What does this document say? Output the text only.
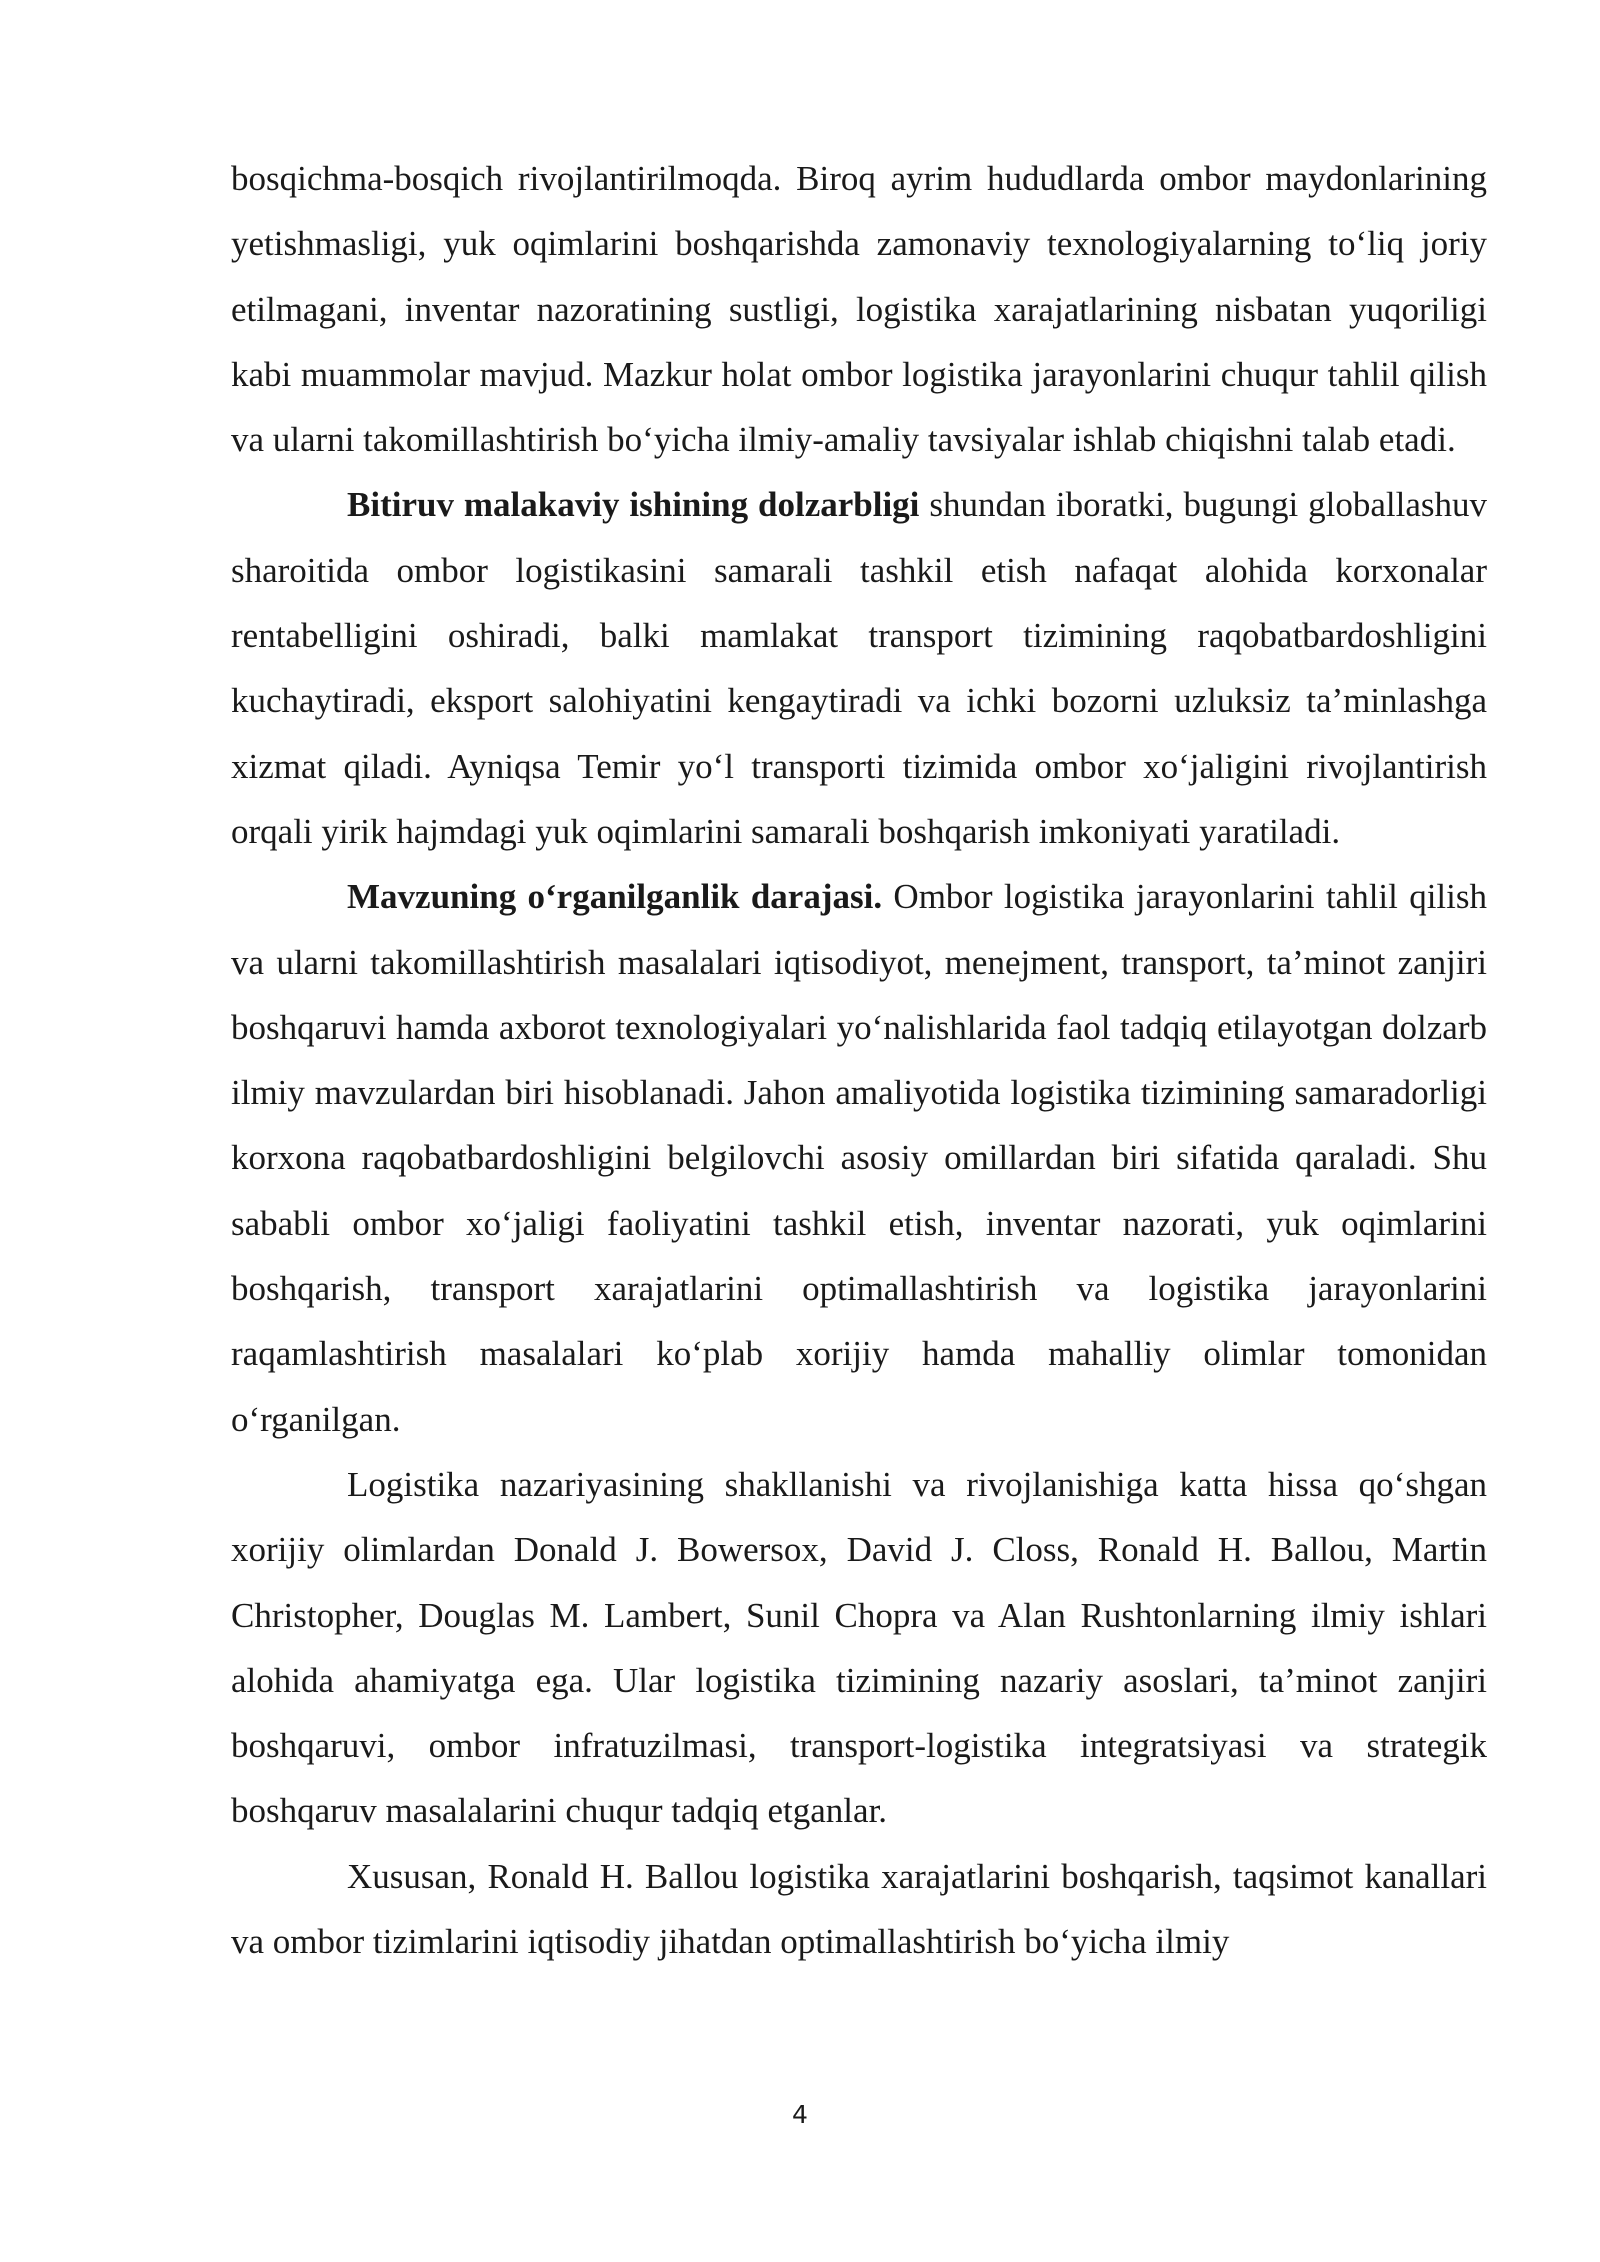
bosqichma-bosqich rivojlantirilmoqda. Biroq ayrim hududlarda ombor maydonlarining yetishmasligi, yuk oqimlarini boshqarishda zamonaviy texnologiyalarning to‘liq joriy etilmagani, inventar nazoratining sustligi, logistika xarajatlarining nisbatan yuqoriligi kabi muammolar mavjud. Mazkur holat ombor logistika jarayonlarini chuqur tahlil qilish va ularni takomillashtirish bo‘yicha ilmiy-amaliy tavsiyalar ishlab chiqishni talab etadi.

Bitiruv malakaviy ishining dolzarbligi shundan iboratki, bugungi globallashuv sharoitida ombor logistikasini samarali tashkil etish nafaqat alohida korxonalar rentabelligini oshiradi, balki mamlakat transport tizimining raqobatbardoshligini kuchaytiradi, eksport salohiyatini kengaytiradi va ichki bozorni uzluksiz ta’minlashga xizmat qiladi. Ayniqsa Temir yo‘l transporti tizimida ombor xo‘jaligini rivojlantirish orqali yirik hajmdagi yuk oqimlarini samarali boshqarish imkoniyati yaratiladi.

Mavzuning o‘rganilganlik darajasi. Ombor logistika jarayonlarini tahlil qilish va ularni takomillashtirish masalalari iqtisodiyot, menejment, transport, ta’minot zanjiri boshqaruvi hamda axborot texnologiyalari yo‘nalishlarida faol tadqiq etilayotgan dolzarb ilmiy mavzulardan biri hisoblanadi. Jahon amaliyotida logistika tizimining samaradorligi korxona raqobatbardoshligini belgilovchi asosiy omillardan biri sifatida qaraladi. Shu sababli ombor xo‘jaligi faoliyatini tashkil etish, inventar nazorati, yuk oqimlarini boshqarish, transport xarajatlarini optimallashtirish va logistika jarayonlarini raqamlashtirish masalalari ko‘plab xorijiy hamda mahalliy olimlar tomonidan o‘rganilgan.

Logistika nazariyasining shakllanishi va rivojlanishiga katta hissa qo‘shgan xorijiy olimlardan Donald J. Bowersox, David J. Closs, Ronald H. Ballou, Martin Christopher, Douglas M. Lambert, Sunil Chopra va Alan Rushtonlarning ilmiy ishlari alohida ahamiyatga ega. Ular logistika tizimining nazariy asoslari, ta’minot zanjiri boshqaruvi, ombor infratuzilmasi, transport-logistika integratsiyasi va strategik boshqaruv masalalarini chuqur tadqiq etganlar.

Xususan, Ronald H. Ballou logistika xarajatlarini boshqarish, taqsimot kanallari va ombor tizimlarini iqtisodiy jihatdan optimallashtirish bo‘yicha ilmiy

4
